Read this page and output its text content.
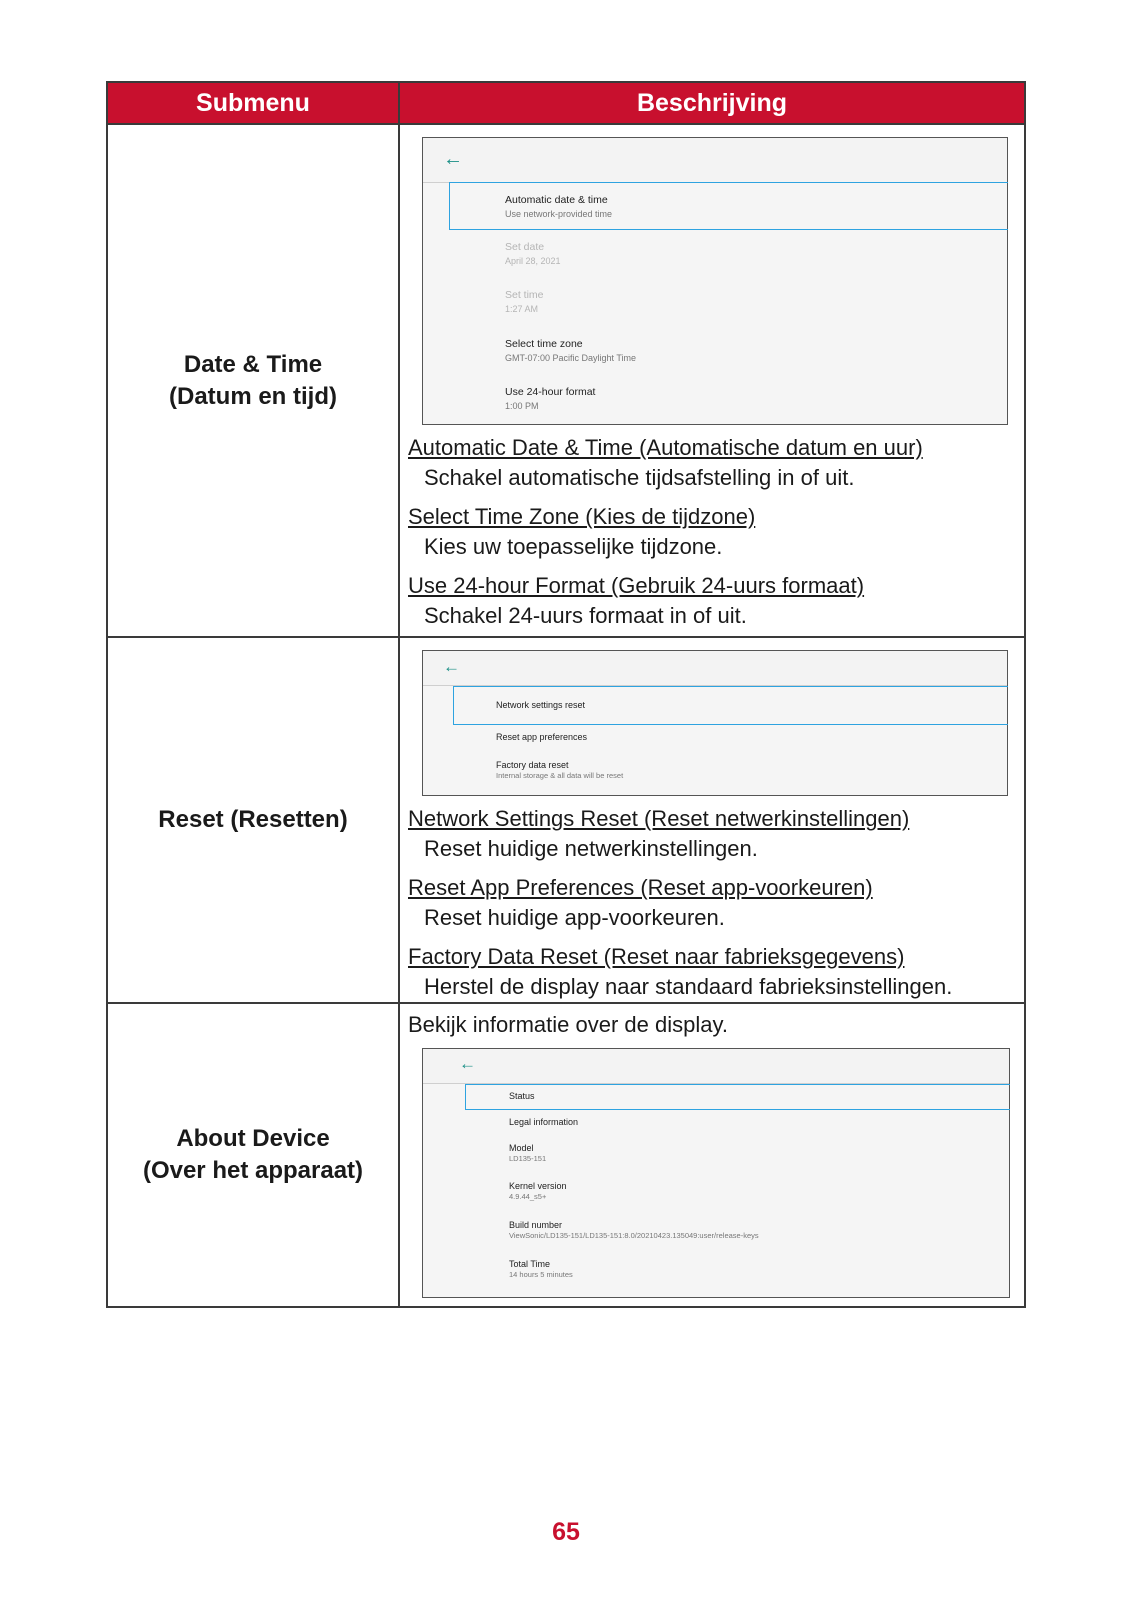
Submenu	Beschrijving
Date & Time
(Datum en tijd)
←
Automatic date & time
Use network-provided time
Set date
April 28, 2021
Set time
1:27 AM
Select time zone
GMT-07:00 Pacific Daylight Time
Use 24-hour format
1:00 PM
Automatic Date & Time (Automatische datum en uur)
Schakel automatische tijdsafstelling in of uit.
Select Time Zone (Kies de tijdzone)
Kies uw toepasselijke tijdzone.
Use 24-hour Format (Gebruik 24-uurs formaat)
Schakel 24-uurs formaat in of uit.
Reset (Resetten)
←
Network settings reset
Reset app preferences
Factory data reset
Internal storage & all data will be reset
Network Settings Reset (Reset netwerkinstellingen)
Reset huidige netwerkinstellingen.
Reset App Preferences (Reset app-voorkeuren)
Reset huidige app-voorkeuren.
Factory Data Reset (Reset naar fabrieksgegevens)
Herstel de display naar standaard fabrieksinstellingen.
About Device
(Over het apparaat)
Bekijk informatie over de display.
←
Status
Legal information
Model
LD135-151
Kernel version
4.9.44_s5+
Build number
ViewSonic/LD135-151/LD135-151:8.0/20210423.135049:user/release-keys
Total Time
14 hours 5 minutes
65
